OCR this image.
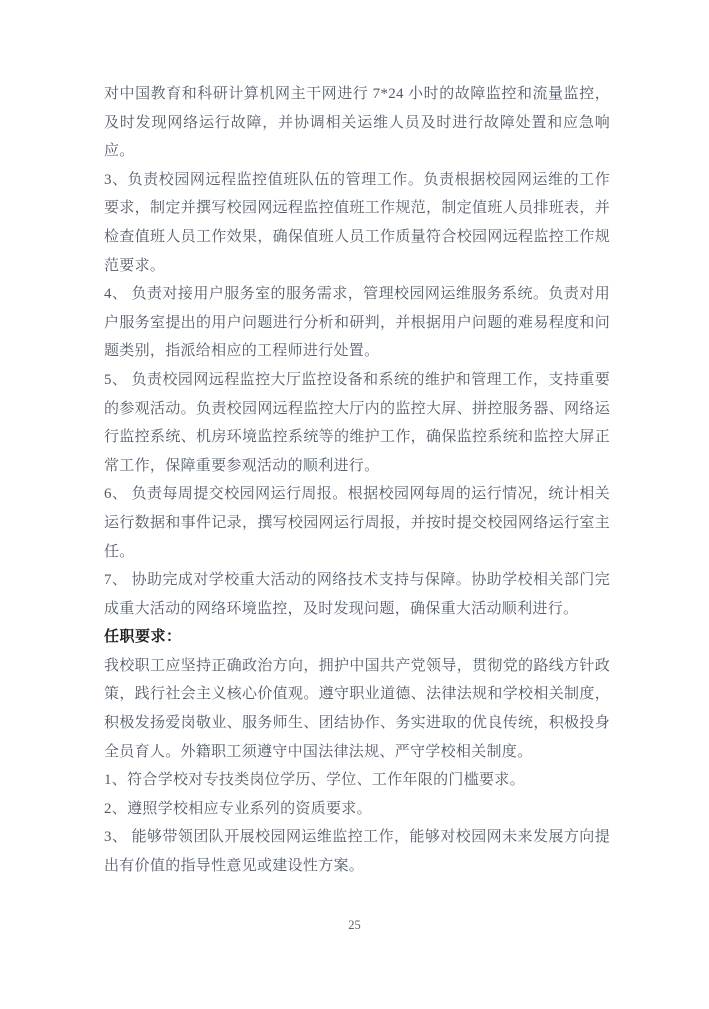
对中国教育和科研计算机网主干网进行 7*24 小时的故障监控和流量监控，及时发现网络运行故障，并协调相关运维人员及时进行故障处置和应急响应。

3、负责校园网远程监控值班队伍的管理工作。负责根据校园网运维的工作要求，制定并撰写校园网远程监控值班工作规范，制定值班人员排班表，并检查值班人员工作效果，确保值班人员工作质量符合校园网远程监控工作规范要求。

4、 负责对接用户服务室的服务需求，管理校园网运维服务系统。负责对用户服务室提出的用户问题进行分析和研判，并根据用户问题的难易程度和问题类别，指派给相应的工程师进行处置。

5、 负责校园网远程监控大厅监控设备和系统的维护和管理工作，支持重要的参观活动。负责校园网远程监控大厅内的监控大屏、拼控服务器、网络运行监控系统、机房环境监控系统等的维护工作，确保监控系统和监控大屏正常工作，保障重要参观活动的顺利进行。

6、 负责每周提交校园网运行周报。根据校园网每周的运行情况，统计相关运行数据和事件记录，撰写校园网运行周报，并按时提交校园网络运行室主任。

7、 协助完成对学校重大活动的网络技术支持与保障。协助学校相关部门完成重大活动的网络环境监控，及时发现问题，确保重大活动顺利进行。

任职要求：

我校职工应坚持正确政治方向，拥护中国共产党领导，贯彻党的路线方针政策，践行社会主义核心价值观。遵守职业道德、法律法规和学校相关制度，积极发扬爱岗敬业、服务师生、团结协作、务实进取的优良传统，积极投身全员育人。外籍职工须遵守中国法律法规、严守学校相关制度。

1、符合学校对专技类岗位学历、学位、工作年限的门槛要求。

2、遵照学校相应专业系列的资质要求。

3、 能够带领团队开展校园网运维监控工作，能够对校园网未来发展方向提出有价值的指导性意见或建设性方案。

25
